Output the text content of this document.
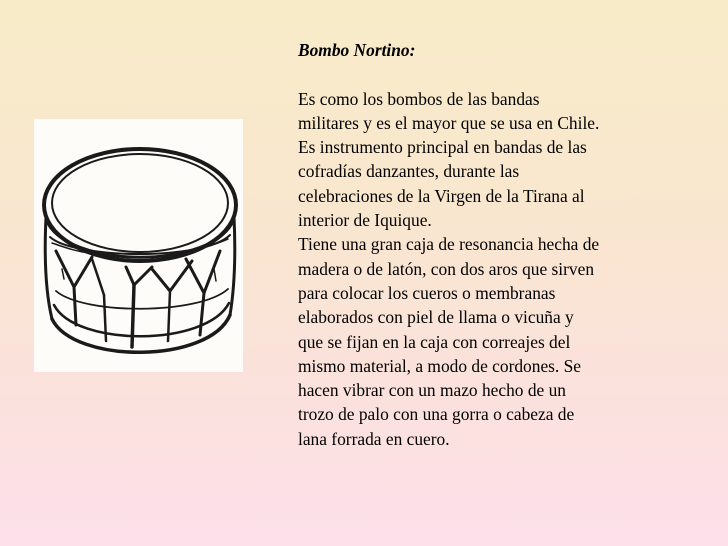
Bombo Nortino:

Es como los bombos de las bandas
militares y es el mayor que se usa en Chile.
Es instrumento principal en bandas de las
cofradías danzantes, durante las
celebraciones de la Virgen de la Tirana al
interior de Iquique.
Tiene una gran caja de resonancia hecha de
madera o de latón, con dos aros que sirven
para colocar los cueros o membranas
elaborados con piel de llama o vicuña y
que se fijan en la caja con correajes del
mismo material, a modo de cordones. Se
hacen vibrar con un mazo hecho de un
trozo de palo con una gorra o cabeza de
lana forrada en cuero.
